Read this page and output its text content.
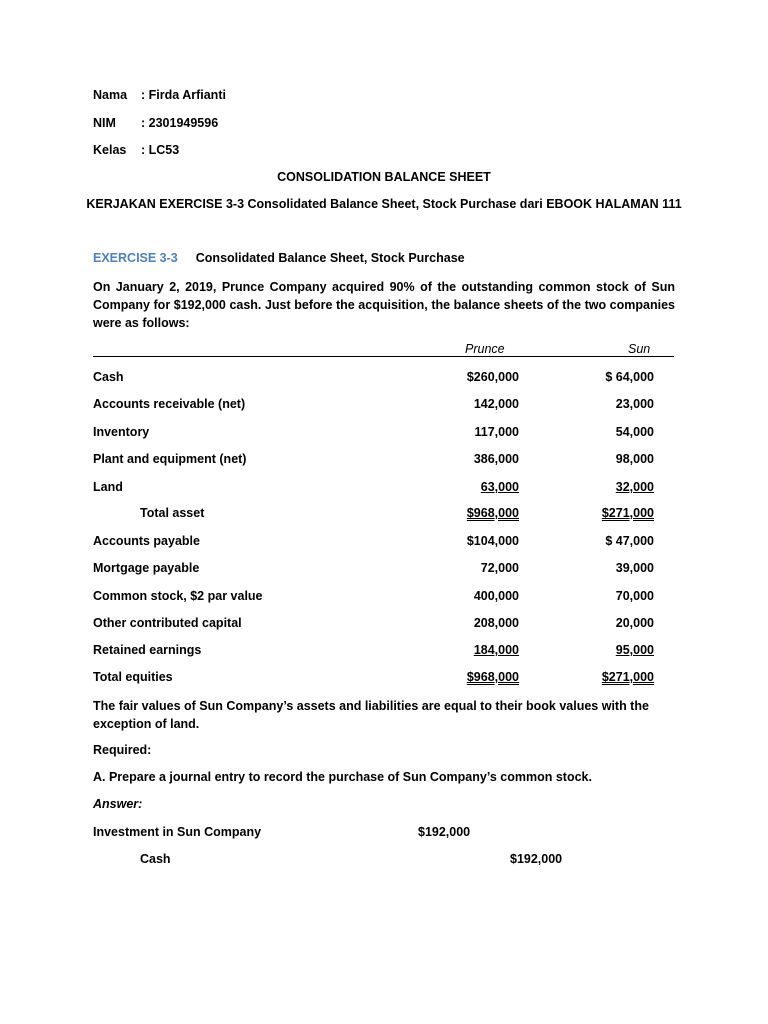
Nama : Firda Arfianti
NIM : 2301949596
Kelas : LC53
CONSOLIDATION BALANCE SHEET
KERJAKAN EXERCISE 3-3 Consolidated Balance Sheet, Stock Purchase dari EBOOK HALAMAN 111
EXERCISE 3-3 Consolidated Balance Sheet, Stock Purchase
On January 2, 2019, Prunce Company acquired 90% of the outstanding common stock of Sun Company for $192,000 cash. Just before the acquisition, the balance sheets of the two companies were as follows:
Prunce	Sun
Cash	$260,000	$ 64,000
Accounts receivable (net)	142,000	23,000
Inventory	117,000	54,000
Plant and equipment (net)	386,000	98,000
Land	63,000	32,000
Total asset	$968,000	$271,000
Accounts payable	$104,000	$ 47,000
Mortgage payable	72,000	39,000
Common stock, $2 par value	400,000	70,000
Other contributed capital	208,000	20,000
Retained earnings	184,000	95,000
Total equities	$968,000	$271,000
The fair values of Sun Company’s assets and liabilities are equal to their book values with the exception of land.
Required:
A. Prepare a journal entry to record the purchase of Sun Company’s common stock.
Answer:
Investment in Sun Company	$192,000
Cash	$192,000
